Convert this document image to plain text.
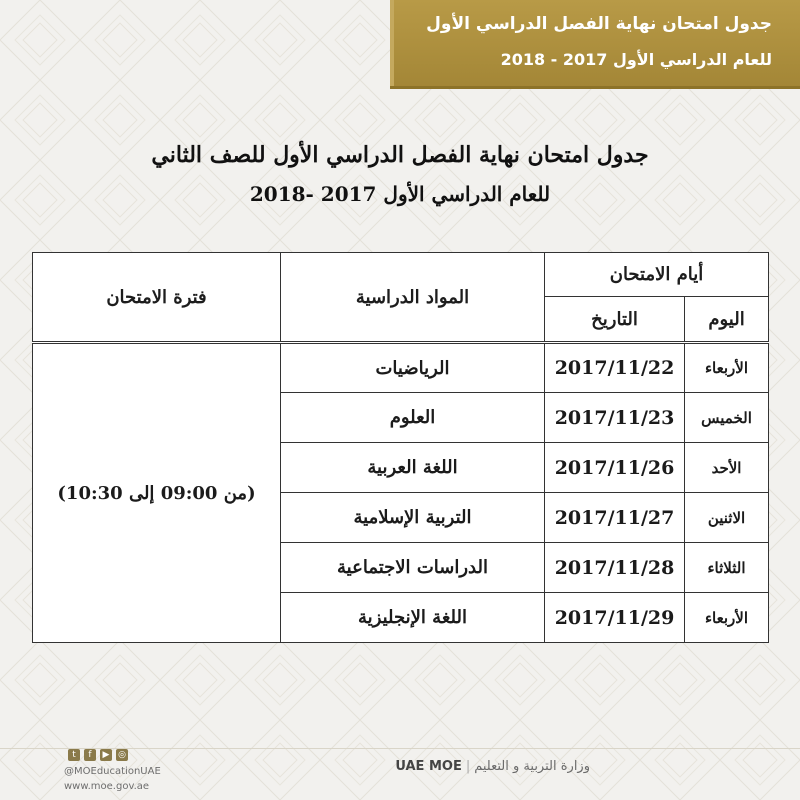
جدول امتحان نهاية الفصل الدراسي الأول
للعام الدراسي الأول 2017 - 2018
جدول امتحان نهاية الفصل الدراسي الأول للصف الثاني
للعام الدراسي الأول 2017 -2018
أيام الامتحان		المواد الدراسية	فترة الامتحان
اليوم	التاريخ		
الأربعاء	2017/11/22	الرياضيات	(من 09:00 إلى 10:30)
الخميس	2017/11/23	العلوم	
الأحد	2017/11/26	اللغة العربية	
الاثنين	2017/11/27	التربية الإسلامية	
الثلاثاء	2017/11/28	الدراسات الاجتماعية	
الأربعاء	2017/11/29	اللغة الإنجليزية	
t	f	▶ ◎
@MOEducationUAE
www.moe.gov.ae
وزارة التربية و التعليم|UAE MOE
